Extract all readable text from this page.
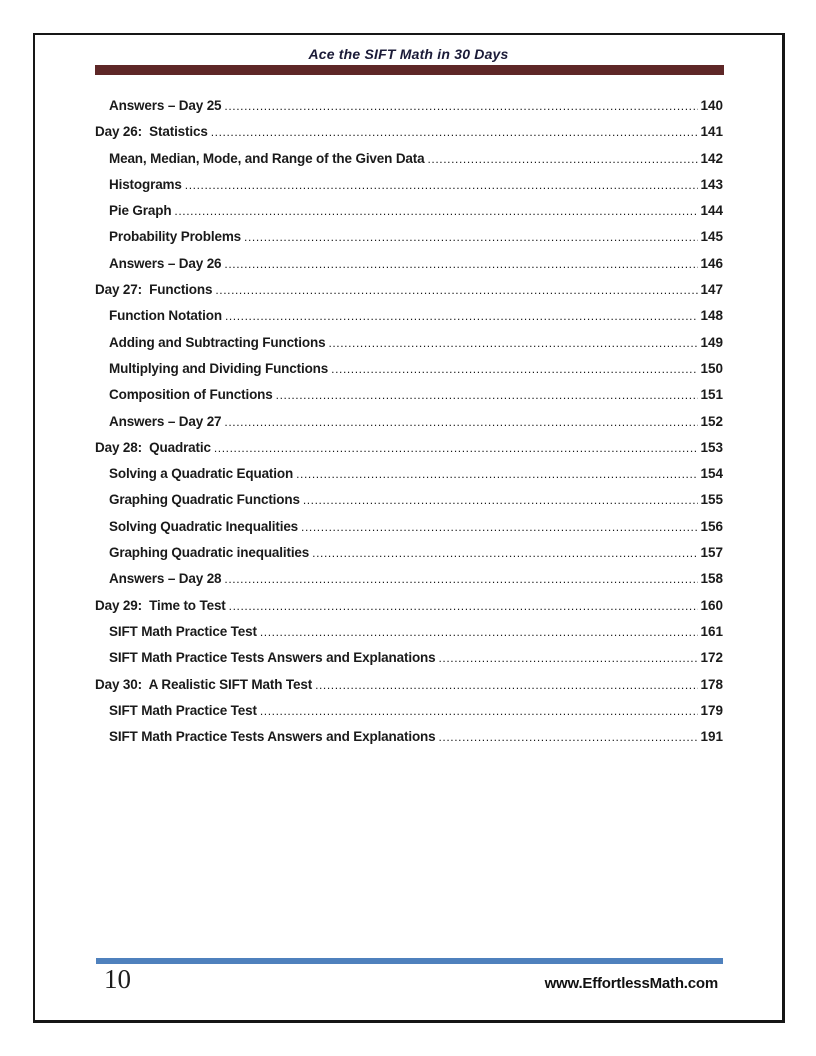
Ace the SIFT Math in 30 Days
Answers – Day 25 .....	140
Day 26:  Statistics .....	141
Mean, Median, Mode, and Range of the Given Data .....	142
Histograms .....	143
Pie Graph .....	144
Probability Problems .....	145
Answers – Day 26 .....	146
Day 27:  Functions .....	147
Function Notation .....	148
Adding and Subtracting Functions .....	149
Multiplying and Dividing Functions .....	150
Composition of Functions .....	151
Answers – Day 27 .....	152
Day 28:  Quadratic .....	153
Solving a Quadratic Equation .....	154
Graphing Quadratic Functions .....	155
Solving Quadratic Inequalities .....	156
Graphing Quadratic inequalities .....	157
Answers – Day 28 .....	158
Day 29:  Time to Test .....	160
SIFT Math Practice Test .....	161
SIFT Math Practice Tests Answers and Explanations .....	172
Day 30:  A Realistic SIFT Math Test .....	178
SIFT Math Practice Test .....	179
SIFT Math Practice Tests Answers and Explanations .....	191
10	www.EffortlessMath.com
